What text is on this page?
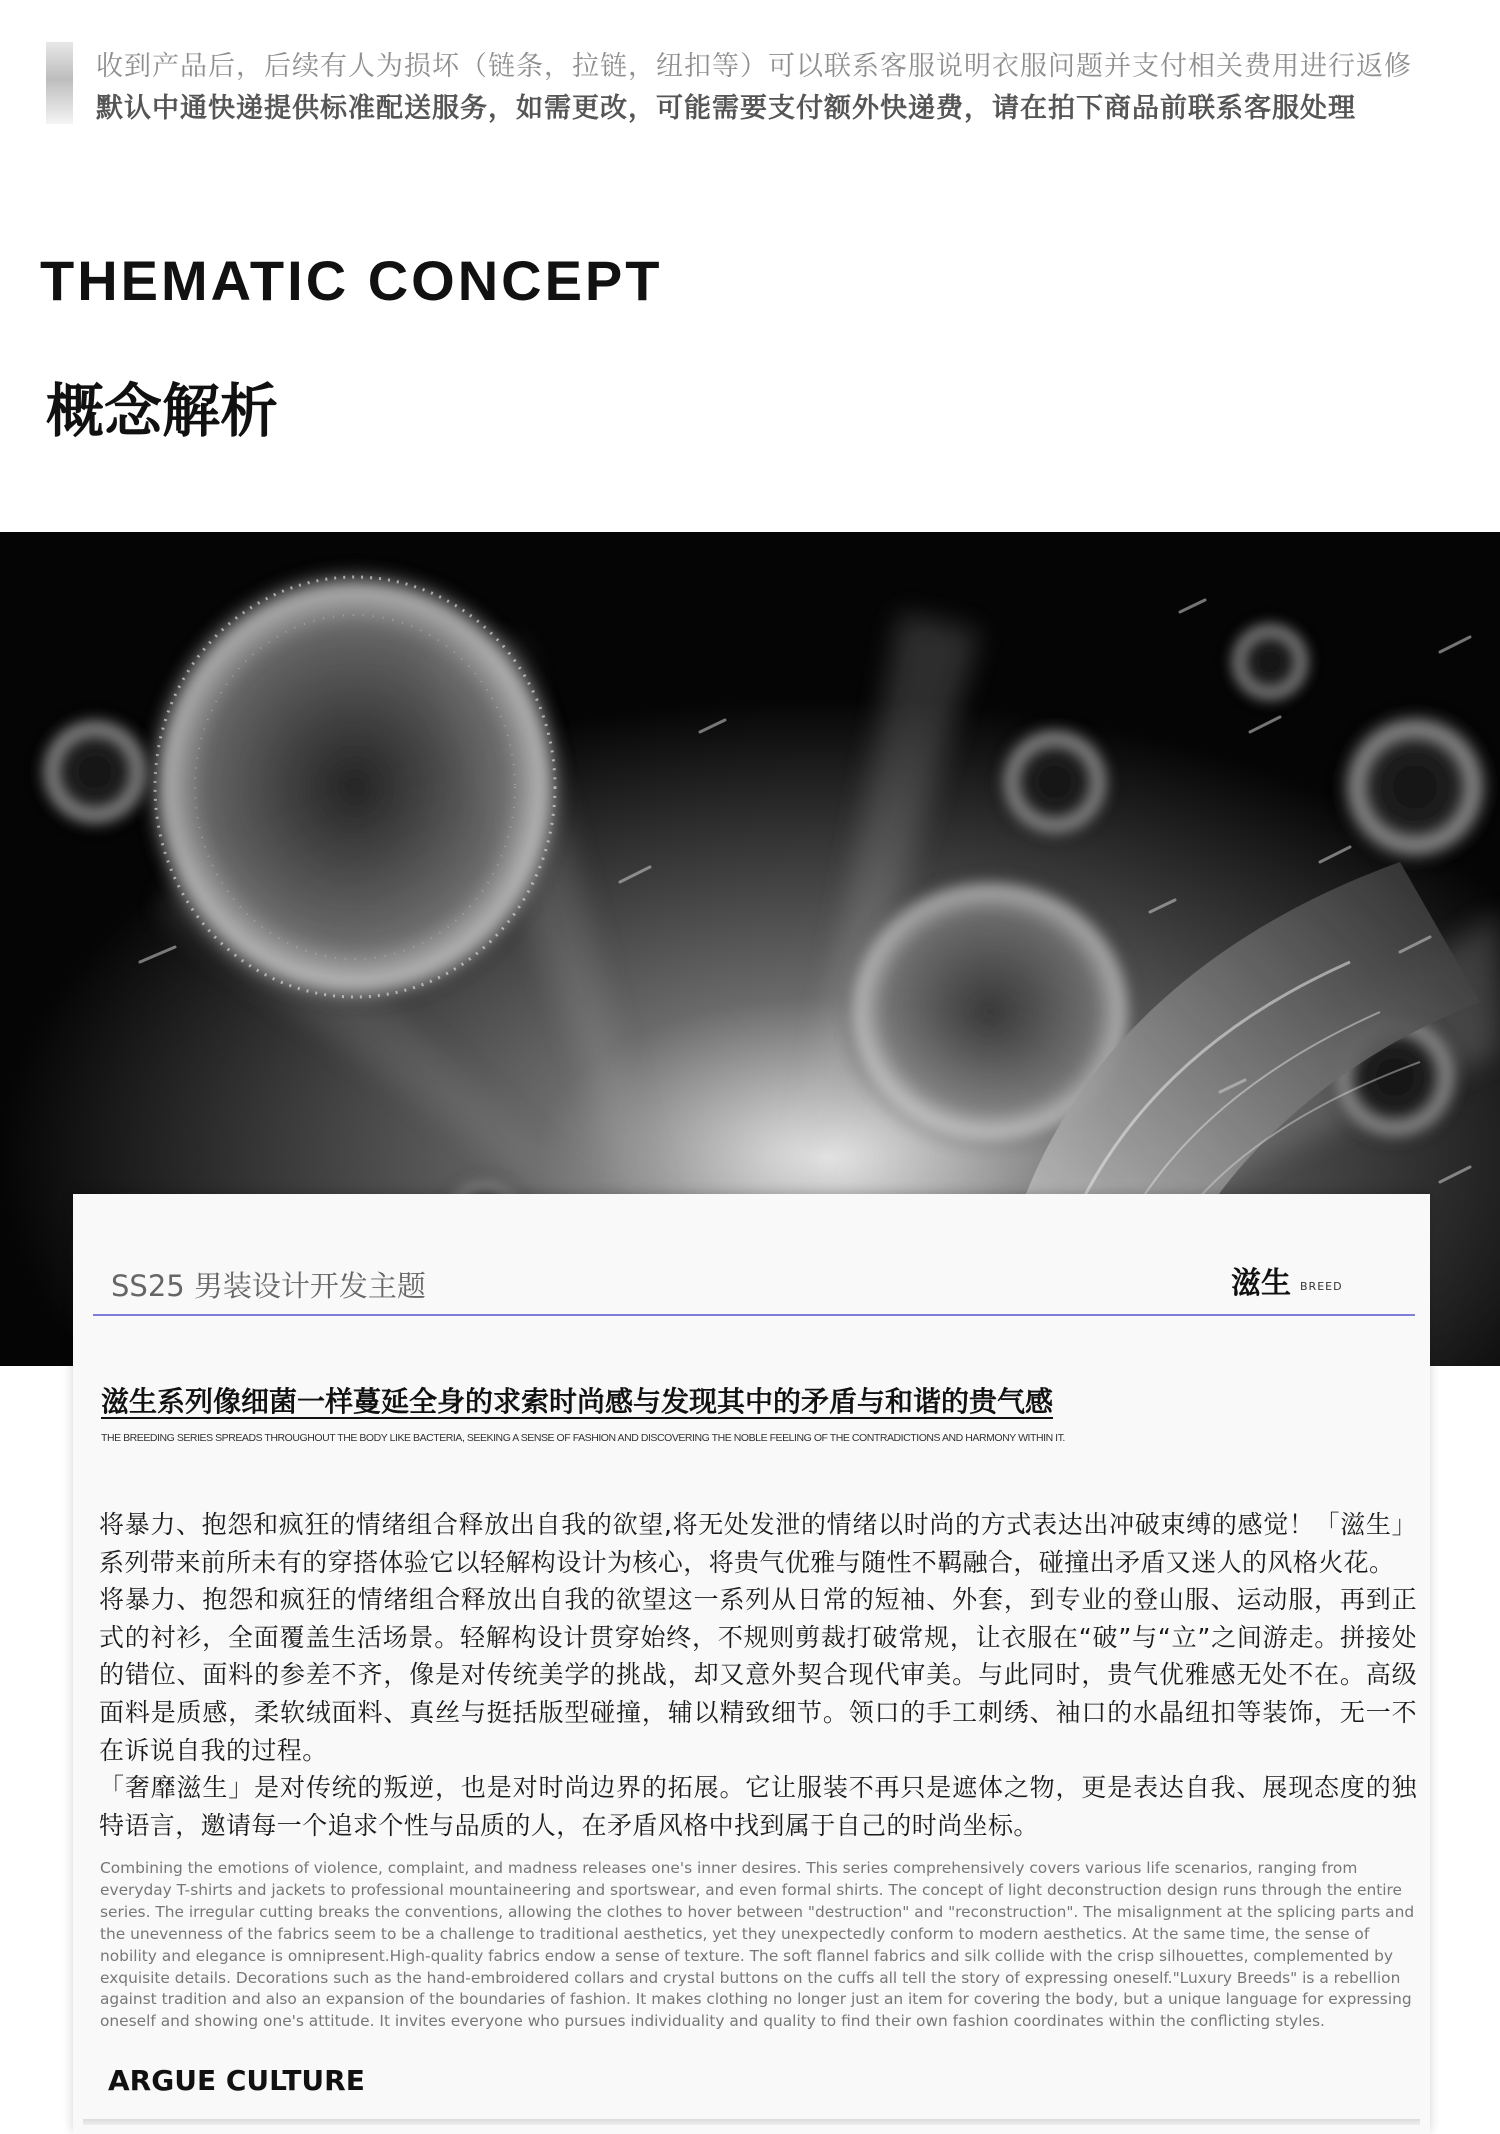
收到产品后，后续有人为损坏（链条，拉链，纽扣等）可以联系客服说明衣服问题并支付相关费用进行返修
默认中通快递提供标准配送服务，如需更改，可能需要支付额外快递费，请在拍下商品前联系客服处理
THEMATIC CONCEPT
概念解析
SS25 男装设计开发主题	滋生 BREED
滋生系列像细菌一样蔓延全身的求索时尚感与发现其中的矛盾与和谐的贵气感
THE BREEDING SERIES SPREADS THROUGHOUT THE BODY LIKE BACTERIA, SEEKING A SENSE OF FASHION AND DISCOVERING THE NOBLE FEELING OF THE CONTRADICTIONS AND HARMONY WITHIN IT.

将暴力、抱怨和疯狂的情绪组合释放出自我的欲望,将无处发泄的情绪以时尚的方式表达出冲破束缚的感觉！「滋生」系列带来前所未有的穿搭体验它以轻解构设计为核心，将贵气优雅与随性不羁融合，碰撞出矛盾又迷人的风格火花。

将暴力、抱怨和疯狂的情绪组合释放出自我的欲望这一系列从日常的短袖、外套，到专业的登山服、运动服，再到正式的衬衫，全面覆盖生活场景。轻解构设计贯穿始终，不规则剪裁打破常规，让衣服在“破”与“立”之间游走。拼接处的错位、面料的参差不齐，像是对传统美学的挑战，却又意外契合现代审美。与此同时，贵气优雅感无处不在。高级面料是质感，柔软绒面料、真丝与挺括版型碰撞，辅以精致细节。领口的手工刺绣、袖口的水晶纽扣等装饰，无一不在诉说自我的过程。

「奢靡滋生」是对传统的叛逆，也是对时尚边界的拓展。它让服装不再只是遮体之物，更是表达自我、展现态度的独特语言，邀请每一个追求个性与品质的人，在矛盾风格中找到属于自己的时尚坐标。

Combining the emotions of violence, complaint, and madness releases one's inner desires. This series comprehensively covers various life scenarios, ranging from everyday T-shirts and jackets to professional mountaineering and sportswear, and even formal shirts. The concept of light deconstruction design runs through the entire series. The irregular cutting breaks the conventions, allowing the clothes to hover between "destruction" and "reconstruction". The misalignment at the splicing parts and the unevenness of the fabrics seem to be a challenge to traditional aesthetics, yet they unexpectedly conform to modern aesthetics. At the same time, the sense of nobility and elegance is omnipresent.High-quality fabrics endow a sense of texture. The soft flannel fabrics and silk collide with the crisp silhouettes, complemented by exquisite details. Decorations such as the hand-embroidered collars and crystal buttons on the cuffs all tell the story of expressing oneself."Luxury Breeds" is a rebellion against tradition and also an expansion of the boundaries of fashion. It makes clothing no longer just an item for covering the body, but a unique language for expressing oneself and showing one's attitude. It invites everyone who pursues individuality and quality to find their own fashion coordinates within the conflicting styles.
ARGUE CULTURE
